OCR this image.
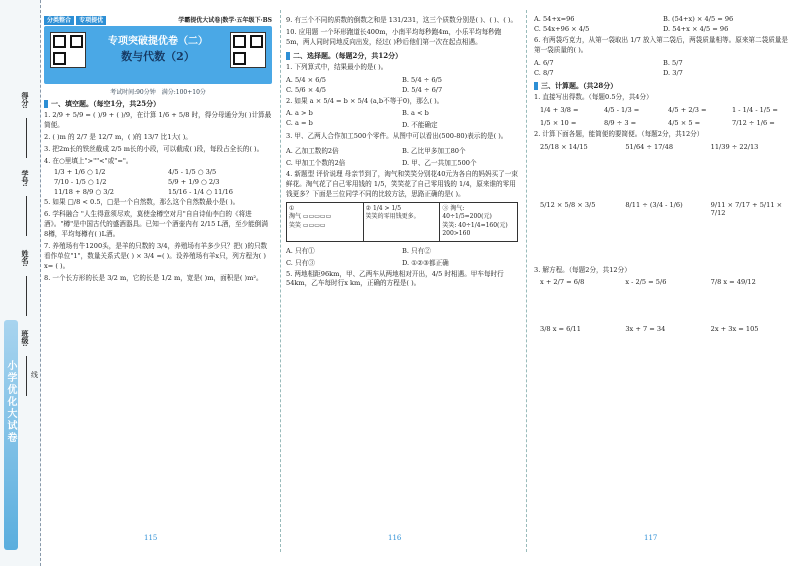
得分:
学号:
姓名:
班级:
线
小学优化大试卷
分类整合 专项提优	学霸提优大试卷|数学·五年级下·BS
专项突破提优卷（二）
数与代数（2）
考试时间:90分钟　满分:100+10分
一、填空题。（每空1分，共25分）
1. 2/9 + 5/9 = ( )/9 + ( )/9，在计算 1/6 + 5/8 时，得分母通分为( )计算最简便。
2. ( )m 的 2/7 是 12/7 m，( )的 13/7 比1大( )。
3. 把2m长的铁丝截成 2/5 m长的小段，可以截成( )段，每段占全长的( )。
4. 在○里填上">""<"或"="。
1/3 + 1/6 ○ 1/2	4/5 - 1/5 ○ 3/5
7/10 - 1/5 ○ 1/2	5/9 + 1/9 ○ 2/3
11/18 + 8/9 ○ 3/2	15/16 - 1/4 ○ 11/16
5. 如果 □/8 < 0.5，□是一个自然数，那么这个自然数最小是( )。
6. 学科融合 "人生得意须尽欢，莫使金樽空对月"自自诗仙李白的《将进酒》。"樽"是中国古代的盛酒器具。已知一个酒壶内有 2/15 L酒，至少能倒满8樽，平均每樽有( )L酒。
7. 养殖场有牛1200头，是羊的只数的 3/4，养殖场有羊多少只？把( )的只数看作单位"1"，数量关系式是( ) × 3/4 =( )。设养殖场有羊x只，列方程为( ) x= ( )。
8. 一个长方形的长是 3/2 m，它的长是 1/2 m，宽是( )m，面积是( )m²。
115
9. 有三个不同的质数的倒数之和是 131/231，这三个质数分别是( )、( )、( )。
10. 应用题 一个环形跑道长400m，小南平均每秒跑4m，小乐平均每秒跑5m，两人同时同地反向出发，经过( )秒后他们第一次在起点相遇。
二、选择题。（每题2分，共12分）
1. 下列算式中，结果最小的是( )。
A. 5/4 × 6/5	B. 5/4 ÷ 6/5
C. 5/6 × 4/5	D. 5/4 ÷ 6/7
2. 如果 a × 5/4 = b × 5/4 (a,b不等于0)，那么( )。
A. a > b	B. a < b
C. a = b	D. 不能确定
3. 甲、乙两人合作加工500个零件。从图中可以看出(500-80)表示的是( )。
A. 乙加工数的2倍	B. 乙比甲多加工80个
C. 甲加工个数的2倍	D. 甲、乙一共加工500个
4. 新题型 评价说理 母亲节到了，淘气和笑笑分别花40元为各自的妈妈买了一束鲜花。淘气花了自己零用钱的 1/5，笑笑花了自己零用钱的 1/4，原来谁的零用钱更多？下面是三位同学不同的比较方法，思路正确的是( )。
①
淘气 ▭▭▭▭▭
笑笑 ▭▭▭▭
② 1/4 > 1/5
笑笑的零用钱更多。
③ 淘气: 40÷1/5=200(元)
笑笑: 40÷1/4=160(元)
200>160
A. 只有①	B. 只有②
C. 只有③	D. ①②③都正确
5. 两地相距96km，甲、乙两车从两地相对开出，4/5 时相遇。甲车每时行54km，乙车每时行x km，正确的方程是( )。
116
A. 54+x=96	B. (54+x) × 4/5 = 96
C. 54x+96 × 4/5	D. 54+x × 4/5 = 96
6. 有两袋巧克力，从第一袋取出 1/7 放入第二袋后，两袋质量相等。原来第二袋质量是第一袋质量的( )。
A. 6/7	B. 5/7
C. 8/7	D. 3/7
三、计算题。（共28分）
1. 直接写出得数。（每题0.5分，共4分）
1/4 + 3/8 =	4/5 - 1/3 =	4/5 + 2/3 =	1 - 1/4 - 1/5 =
1/5 × 10 =	8/9 ÷ 3 =	4/5 × 5 =	7/12 ÷ 1/6 =
2. 计算下面各题，能简便的要简便。（每题2分，共12分）
25/18 × 14/15	51/64 ÷ 17/48	11/39 ÷ 22/13
5/12 × 5/8 × 3/5	8/11 ÷ (3/4 - 1/6)	9/11 × 7/17 + 5/11 × 7/12
3. 解方程。（每题2分，共12分）
x + 2/7 = 6/8	x - 2/5 = 5/6	7/8 x = 49/12
3/8 x = 6/11	3x + 7 = 34	2x + 3x = 105
117
